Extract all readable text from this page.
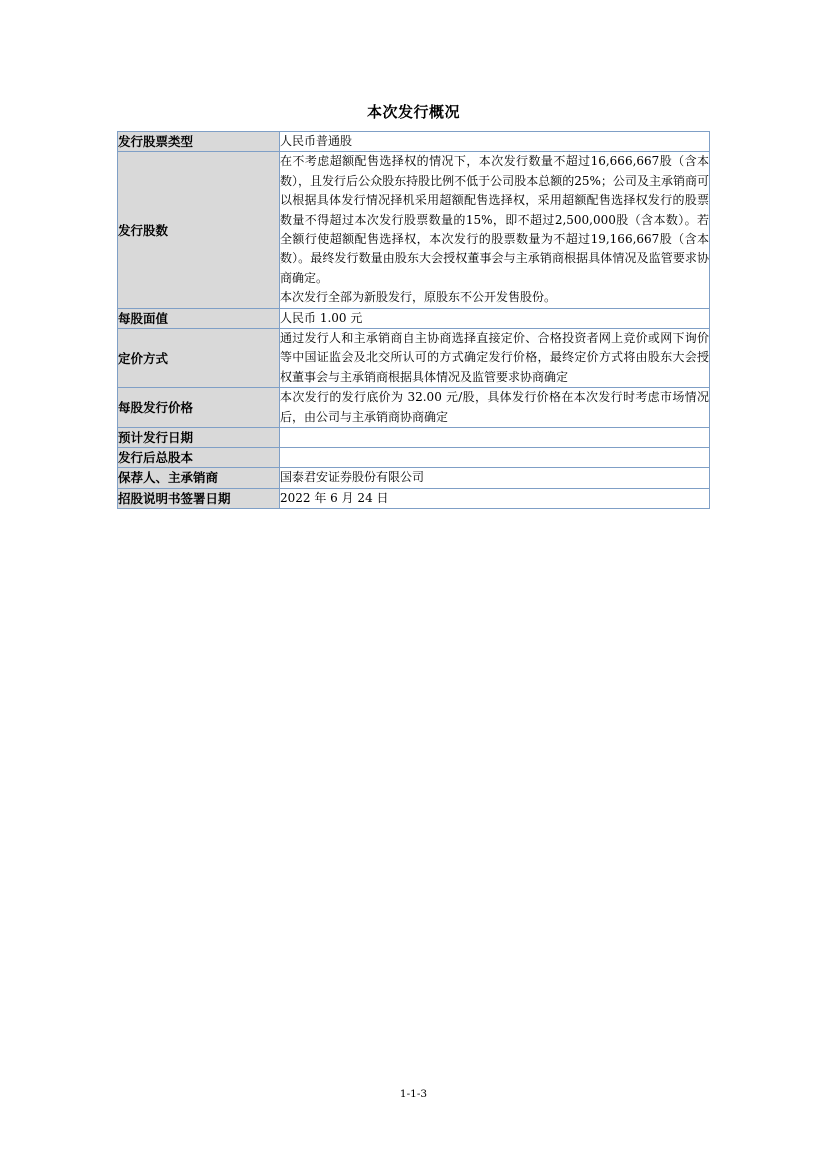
本次发行概况
发行股票类型	人民币普通股

发行股数	在不考虑超额配售选择权的情况下，本次发行数量不超过16,666,667股（含本数），且发行后公众股东持股比例不低于公司股本总额的25%；公司及主承销商可以根据具体发行情况择机采用超额配售选择权，采用超额配售选择权发行的股票数量不得超过本次发行股票数量的15%，即不超过2,500,000股（含本数）。若全额行使超额配售选择权，本次发行的股票数量为不超过19,166,667股（含本数）。最终发行数量由股东大会授权董事会与主承销商根据具体情况及监管要求协商确定。
本次发行全部为新股发行，原股东不公开发售股份。

每股面值	人民币 1.00 元

定价方式	通过发行人和主承销商自主协商选择直接定价、合格投资者网上竞价或网下询价等中国证监会及北交所认可的方式确定发行价格，最终定价方式将由股东大会授权董事会与主承销商根据具体情况及监管要求协商确定

每股发行价格	本次发行的发行底价为 32.00 元/股，具体发行价格在本次发行时考虑市场情况后，由公司与主承销商协商确定

预计发行日期	

发行后总股本	

保荐人、主承销商	国泰君安证券股份有限公司

招股说明书签署日期	2022 年 6 月 24 日
1-1-3
